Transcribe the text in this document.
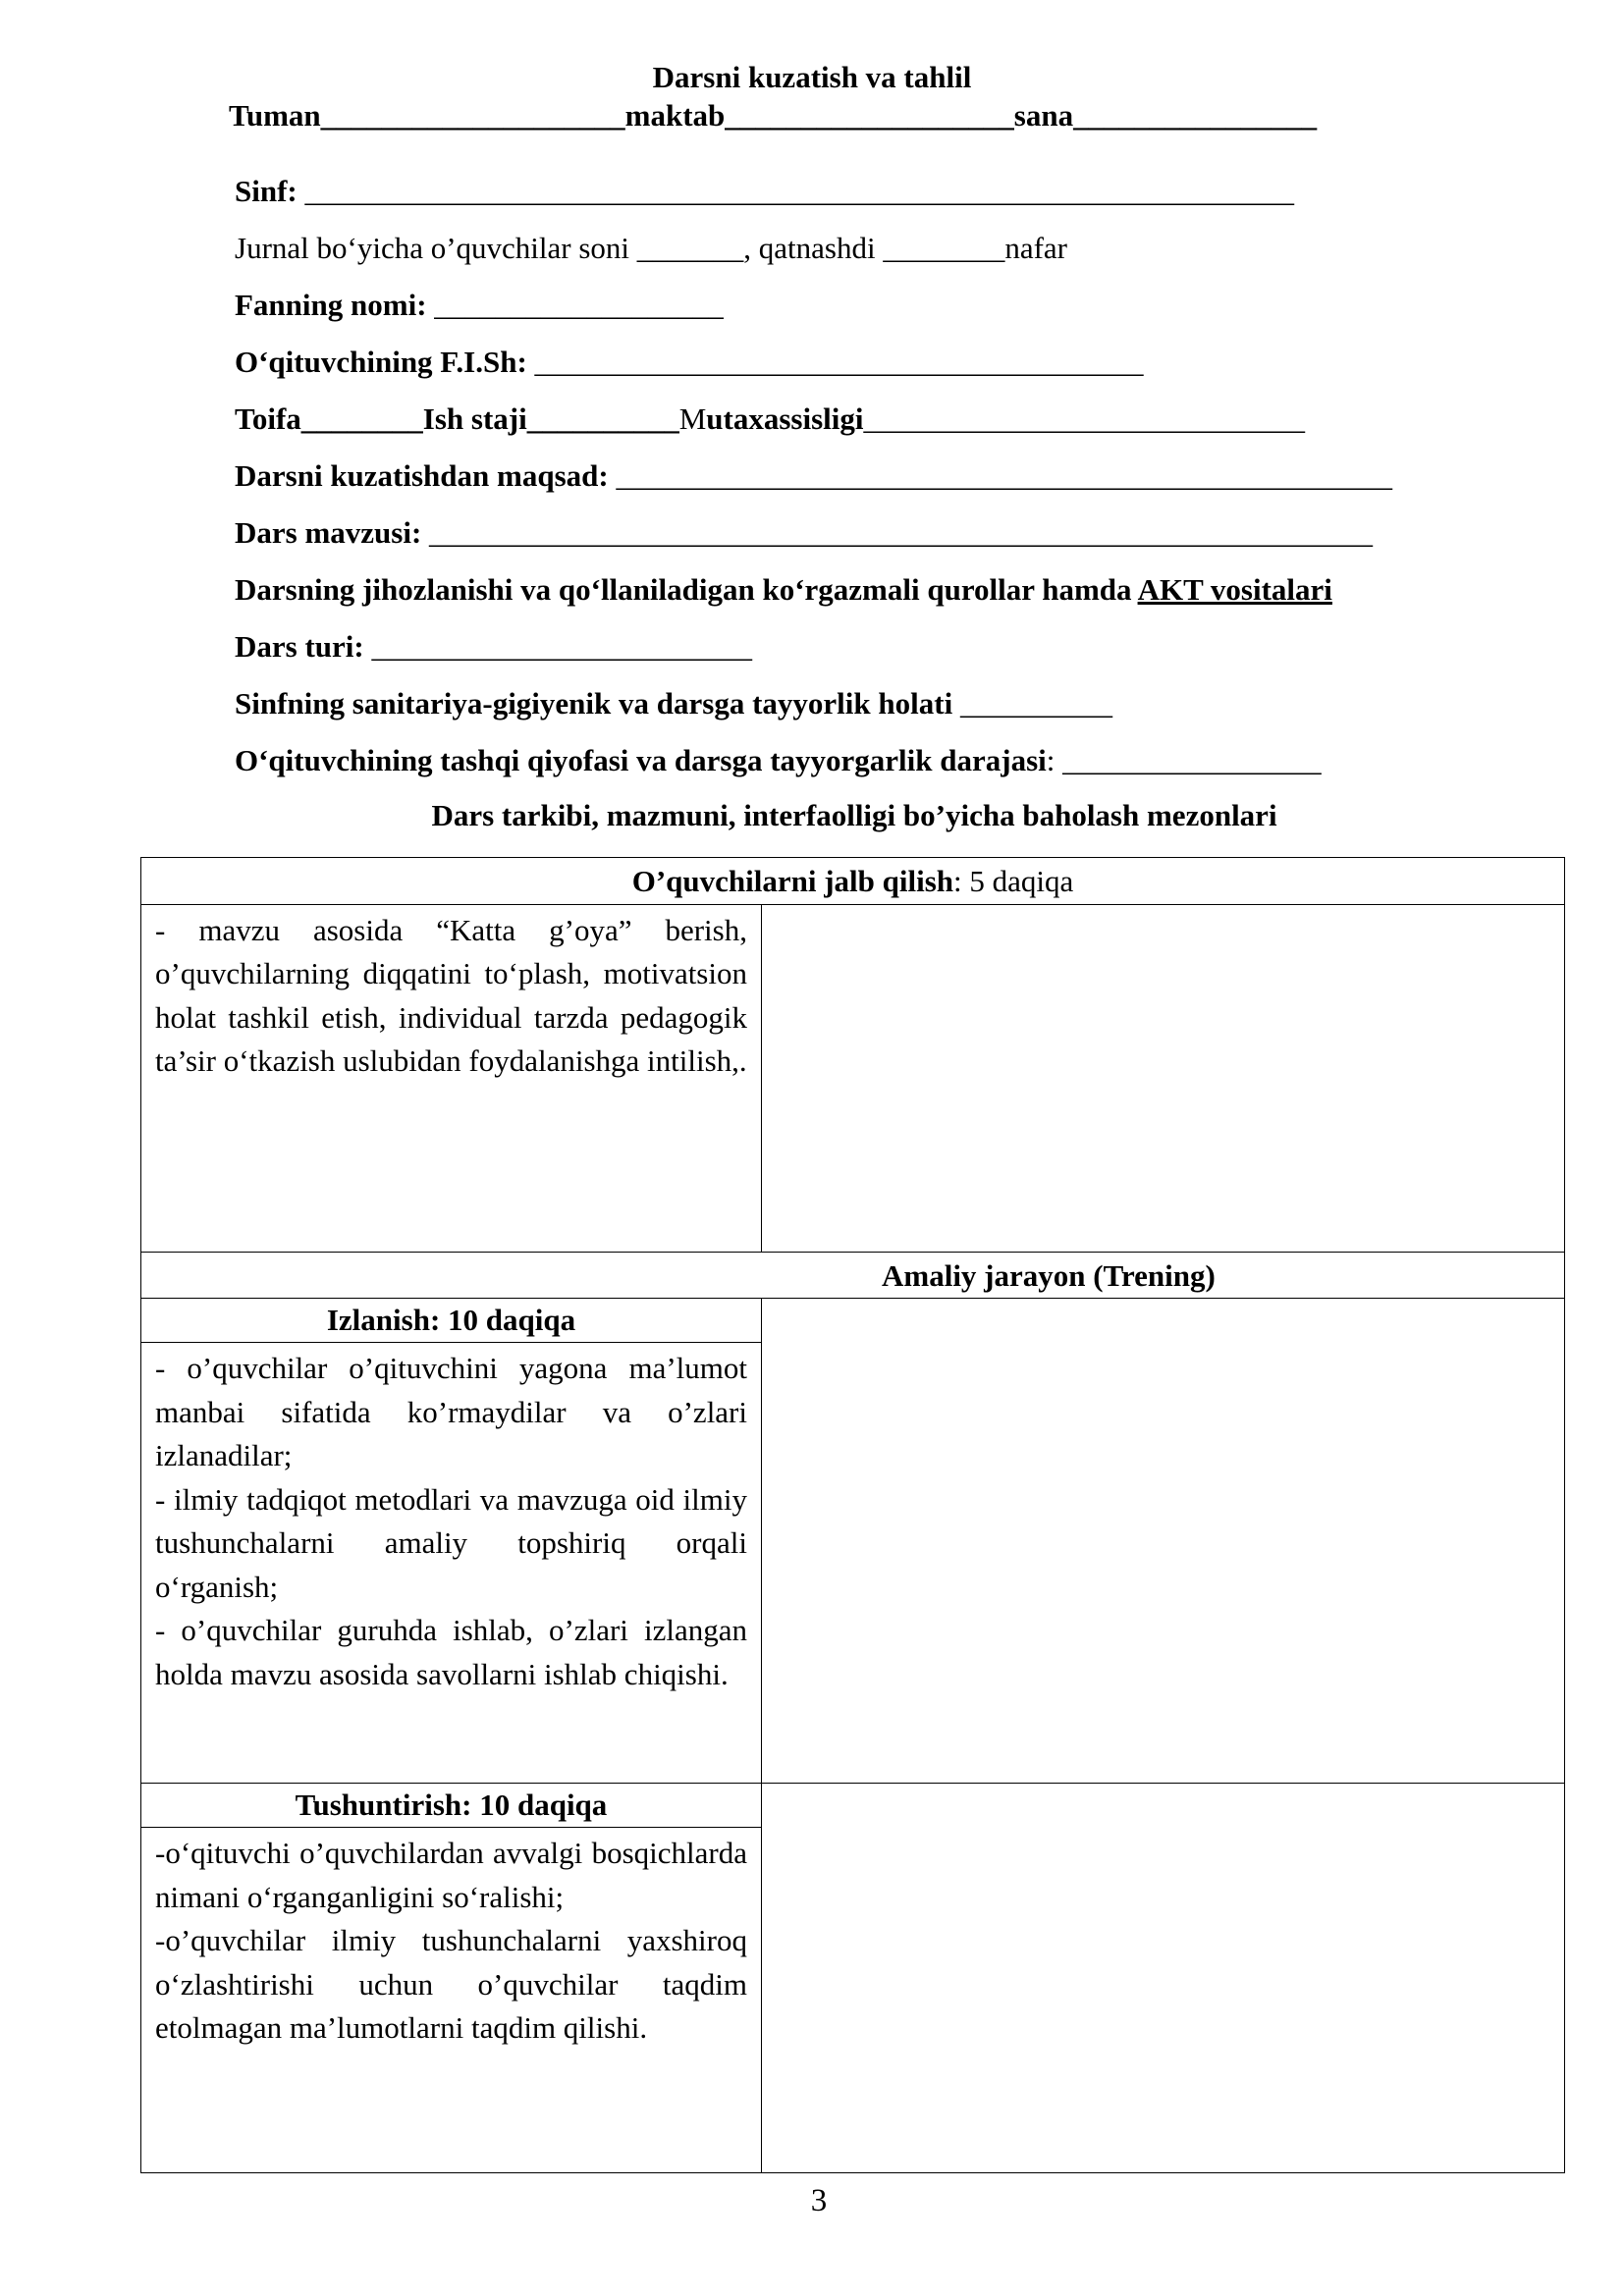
Darsni kuzatish va tahlil
Tuman____________________maktab___________________sana________________
Sinf: _________________________________________________________________
Jurnal bo‘yicha o’quvchilar soni _______, qatnashdi ________nafar
Fanning nomi: ___________________
O‘qituvchining F.I.Sh: ________________________________________
Toifa________Ish staji__________Mutaxassisligi_____________________________
Darsni kuzatishdan maqsad: ___________________________________________________
Dars mavzusi: ______________________________________________________________
Darsning jihozlanishi va qo‘llaniladigan ko‘rgazmali qurollar hamda AKT vositalari
Dars turi: _________________________
Sinfning sanitariya-gigiyenik va darsga tayyorlik holati __________
O‘qituvchining tashqi qiyofasi va darsga tayyorgarlik darajasi: _________________
Dars tarkibi, mazmuni, interfaolligi bo’yicha baholash mezonlari
O’quvchilarni jalb qilish: 5 daqiqa	
- mavzu asosida “Katta g’oya” berish, o’quvchilarning diqqatini to‘plash, motivatsion holat tashkil etish, individual tarzda pedagogik ta’sir o‘tkazish uslubidan foydalanishga intilish,.	
Amaliy jarayon (Trening)	

Izlanish: 10 daqiqa
- o’quvchilar o’qituvchini yagona ma’lumot manbai sifatida ko’rmaydilar va o’zlari izlanadilar;
- ilmiy tadqiqot metodlari va mavzuga oid ilmiy tushunchalarni amaliy topshiriq orqali o‘rganish;
- o’quvchilar guruhda ishlab, o’zlari izlangan holda mavzu asosida savollarni ishlab chiqishi.	

Tushuntirish: 10 daqiqa
-o‘qituvchi o’quvchilardan avvalgi bosqichlarda nimani o‘rganganligini so‘ralishi;
-o’quvchilar ilmiy tushunchalarni yaxshiroq o‘zlashtirishi uchun o’quvchilar taqdim etolmagan ma’lumotlarni taqdim qilishi.	

3
